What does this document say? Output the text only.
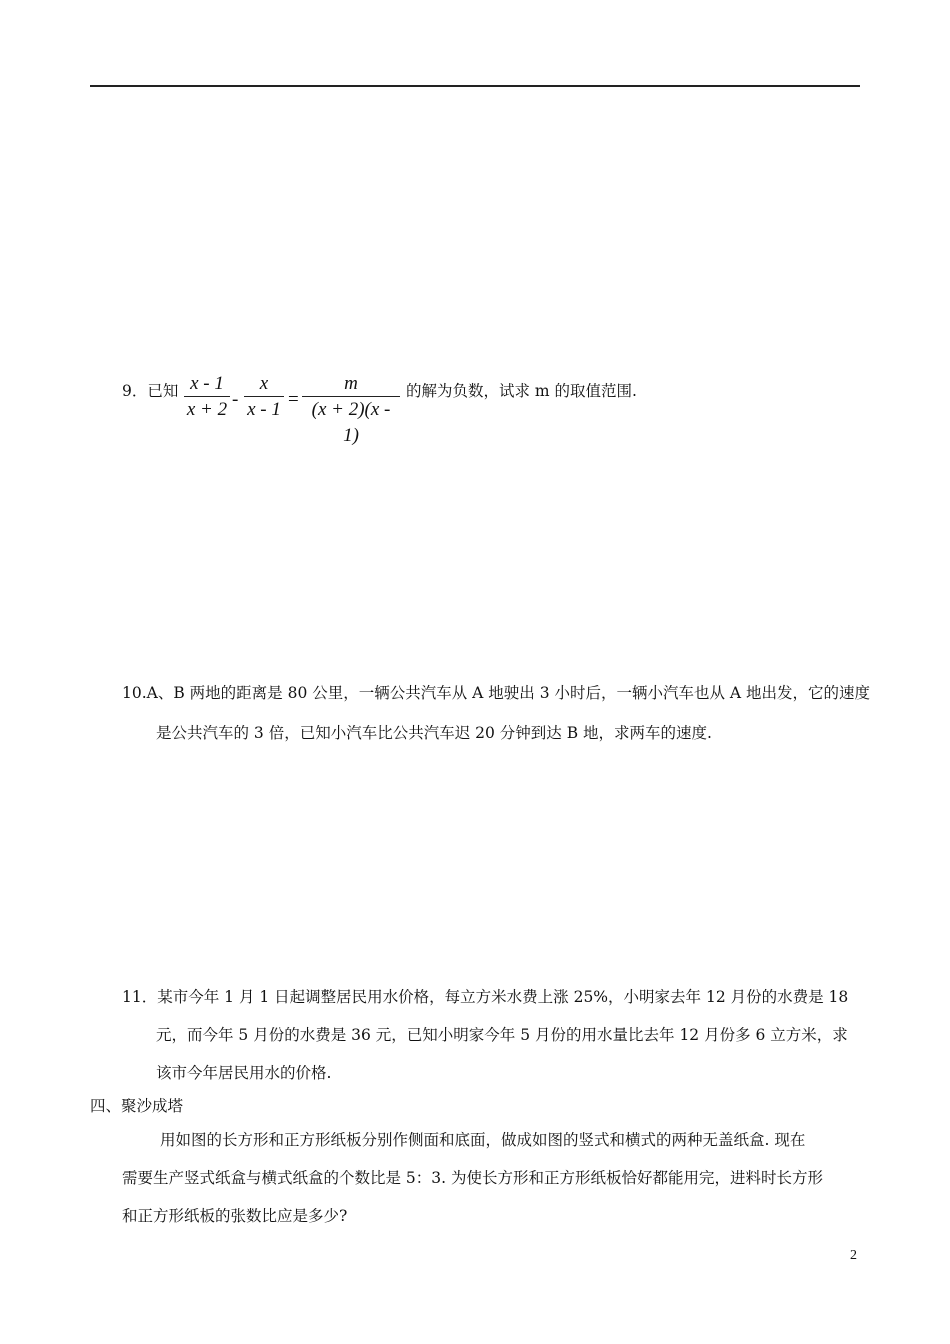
9．已知 $\frac{x - 1}{x + 2} - \frac{x}{x - 1} = \frac{m}{(x + 2)(x - 1)}$ 的解为负数，试求 m 的取值范围.
10.A、B 两地的距离是 80 公里，一辆公共汽车从 A 地驶出 3 小时后，一辆小汽车也从 A 地出发，它的速度
是公共汽车的 3 倍，已知小汽车比公共汽车迟 20 分钟到达 B 地，求两车的速度.
11．某市今年 1 月 1 日起调整居民用水价格，每立方米水费上涨 25%，小明家去年 12 月份的水费是 18
元，而今年 5 月份的水费是 36 元，已知小明家今年 5 月份的用水量比去年 12 月份多 6 立方米，求
该市今年居民用水的价格.
四、聚沙成塔
用如图的长方形和正方形纸板分别作侧面和底面，做成如图的竖式和横式的两种无盖纸盒. 现在
需要生产竖式纸盒与横式纸盒的个数比是 5：3. 为使长方形和正方形纸板恰好都能用完，进料时长方形
和正方形纸板的张数比应是多少?
2
